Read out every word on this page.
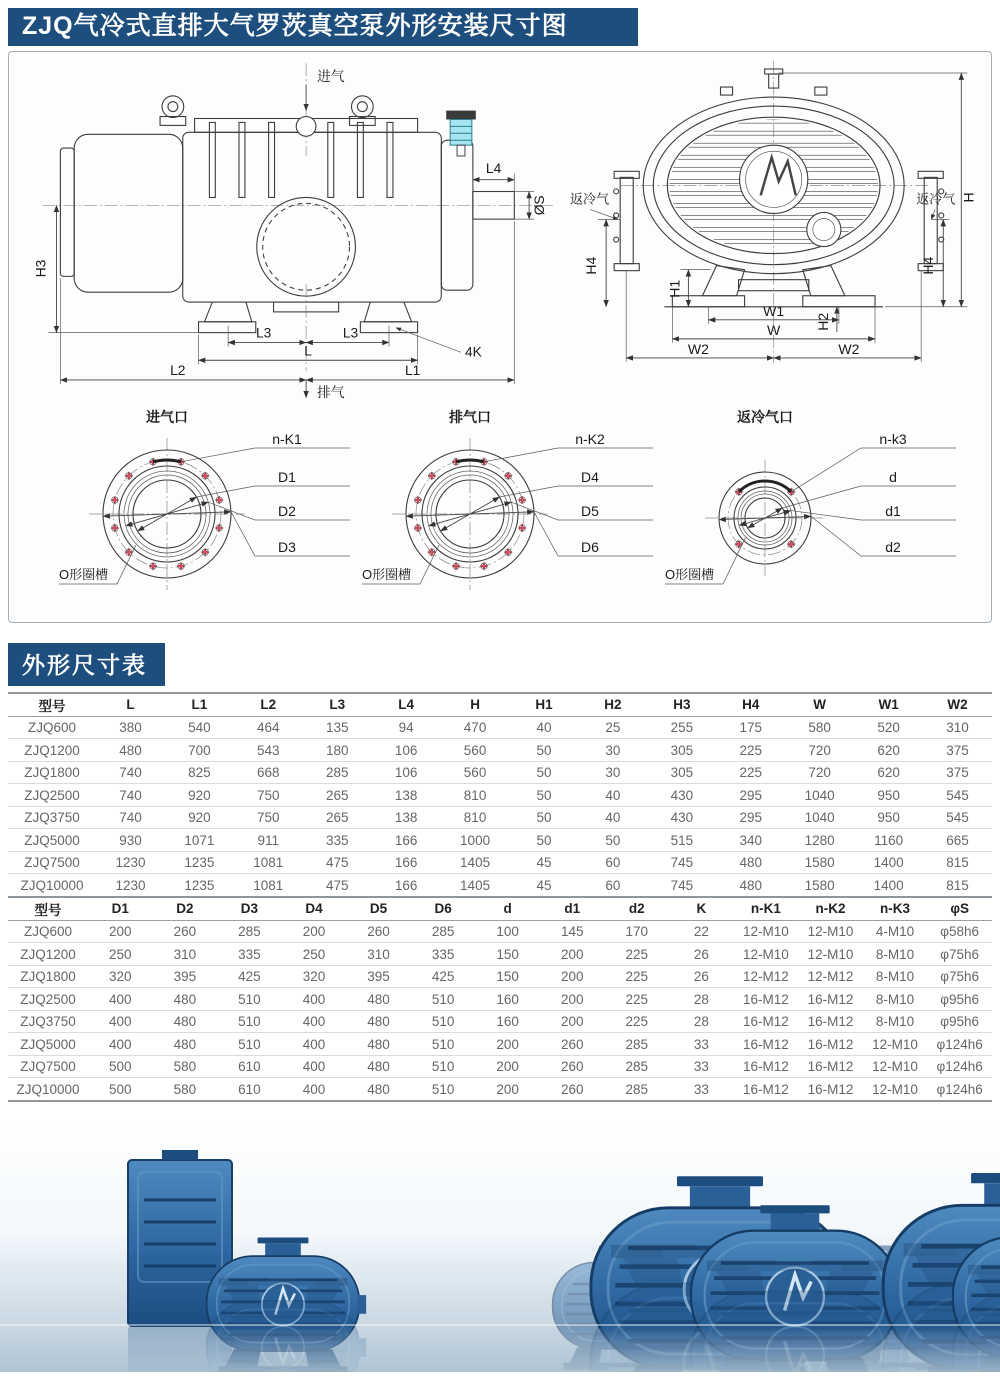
ZJQ气冷式直排大气罗茨真空泵外形安装尺寸图
进气
H3
L4
ØS
L3	L3
L	4K
L2	L1
排气
返冷气	返冷气 H
H4	H4
H1
H2
W1
W
W2	W2
进气口
n-K1
D1
D2
D3
O形圈槽
排气口
n-K2
D4
D5
D6
O形圈槽
返冷气口
n-k3
d
d1
d2
O形圈槽
外形尺寸表
型号	L	L1	L2	L3	L4	H	H1	H2	H3	H4	W	W1	W2
ZJQ600	380	540	464	135	94	470	40	25	255	175	580	520	310
ZJQ1200	480	700	543	180	106	560	50	30	305	225	720	620	375
ZJQ1800	740	825	668	285	106	560	50	30	305	225	720	620	375
ZJQ2500	740	920	750	265	138	810	50	40	430	295	1040	950	545
ZJQ3750	740	920	750	265	138	810	50	40	430	295	1040	950	545
ZJQ5000	930	1071	911	335	166	1000	50	50	515	340	1280	1160	665
ZJQ7500	1230	1235	1081	475	166	1405	45	60	745	480	1580	1400	815
ZJQ10000	1230	1235	1081	475	166	1405	45	60	745	480	1580	1400	815
型号	D1	D2	D3	D4	D5	D6	d	d1	d2	K	n-K1	n-K2	n-K3	φS
ZJQ600	200	260	285	200	260	285	100	145	170	22	12-M10	12-M10	4-M10	φ58h6
ZJQ1200	250	310	335	250	310	335	150	200	225	26	12-M10	12-M10	8-M10	φ75h6
ZJQ1800	320	395	425	320	395	425	150	200	225	26	12-M12	12-M12	8-M10	φ75h6
ZJQ2500	400	480	510	400	480	510	160	200	225	28	16-M12	16-M12	8-M10	φ95h6
ZJQ3750	400	480	510	400	480	510	160	200	225	28	16-M12	16-M12	8-M10	φ95h6
ZJQ5000	400	480	510	400	480	510	200	260	285	33	16-M12	16-M12	12-M10	φ124h6
ZJQ7500	500	580	610	400	480	510	200	260	285	33	16-M12	16-M12	12-M10	φ124h6
ZJQ10000	500	580	610	400	480	510	200	260	285	33	16-M12	16-M12	12-M10	φ124h6
